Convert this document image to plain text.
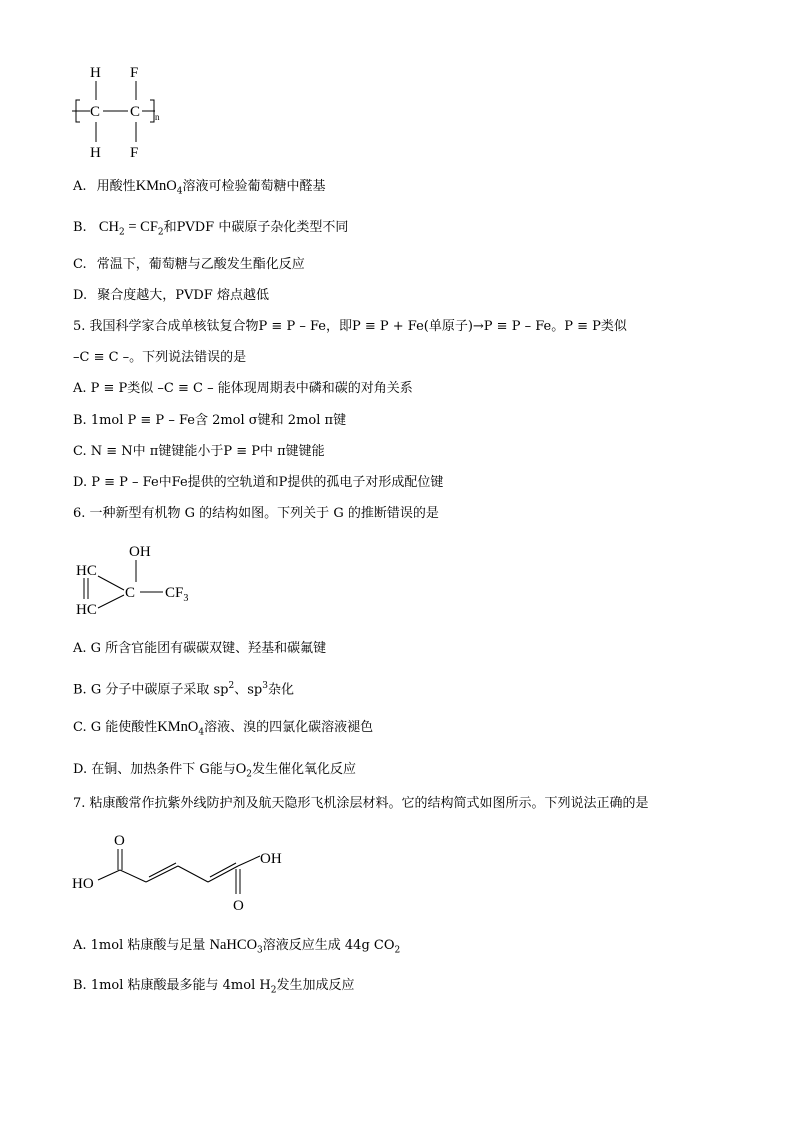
H F
C C n
H F
A. 用酸性KMnO$_4$溶液可检验葡萄糖中醛基
B. $CH_2 = CF_2$和PVDF 中碳原子杂化类型不同
C. 常温下，葡萄糖与乙酸发生酯化反应
D. 聚合度越大，PVDF 熔点越低
5. 我国科学家合成单核钛复合物P ≡ P – Fe，即P ≡ P + Fe(单原子)→P ≡ P – Fe。P ≡ P类似
–C ≡ C –。下列说法错误的是
A. P ≡ P类似 –C ≡ C – 能体现周期表中磷和碳的对角关系
B. 1mol P ≡ P – Fe含 2mol σ键和 2mol π键
C. N ≡ N中 π键键能小于P ≡ P中 π键键能
D. P ≡ P – Fe中Fe提供的空轨道和P提供的孤电子对形成配位键
6. 一种新型有机物 G 的结构如图。下列关于 G 的推断错误的是
OH
HC
C $CF_3$
HC
A. G 所含官能团有碳碳双键、羟基和碳氟键
B. G 分子中碳原子采取 $sp^2$、$sp^3$杂化
C. G 能使酸性KMnO$_4$溶液、溴的四氯化碳溶液褪色
D. 在铜、加热条件下 G能与$O_2$发生催化氧化反应
7. 粘康酸常作抗紫外线防护剂及航天隐形飞机涂层材料。它的结构简式如图所示。下列说法正确的是
O
HO
OH
O
A. 1mol 粘康酸与足量 NaHCO$_3$溶液反应生成 44g $CO_2$
B. 1mol 粘康酸最多能与 4mol $H_2$发生加成反应
